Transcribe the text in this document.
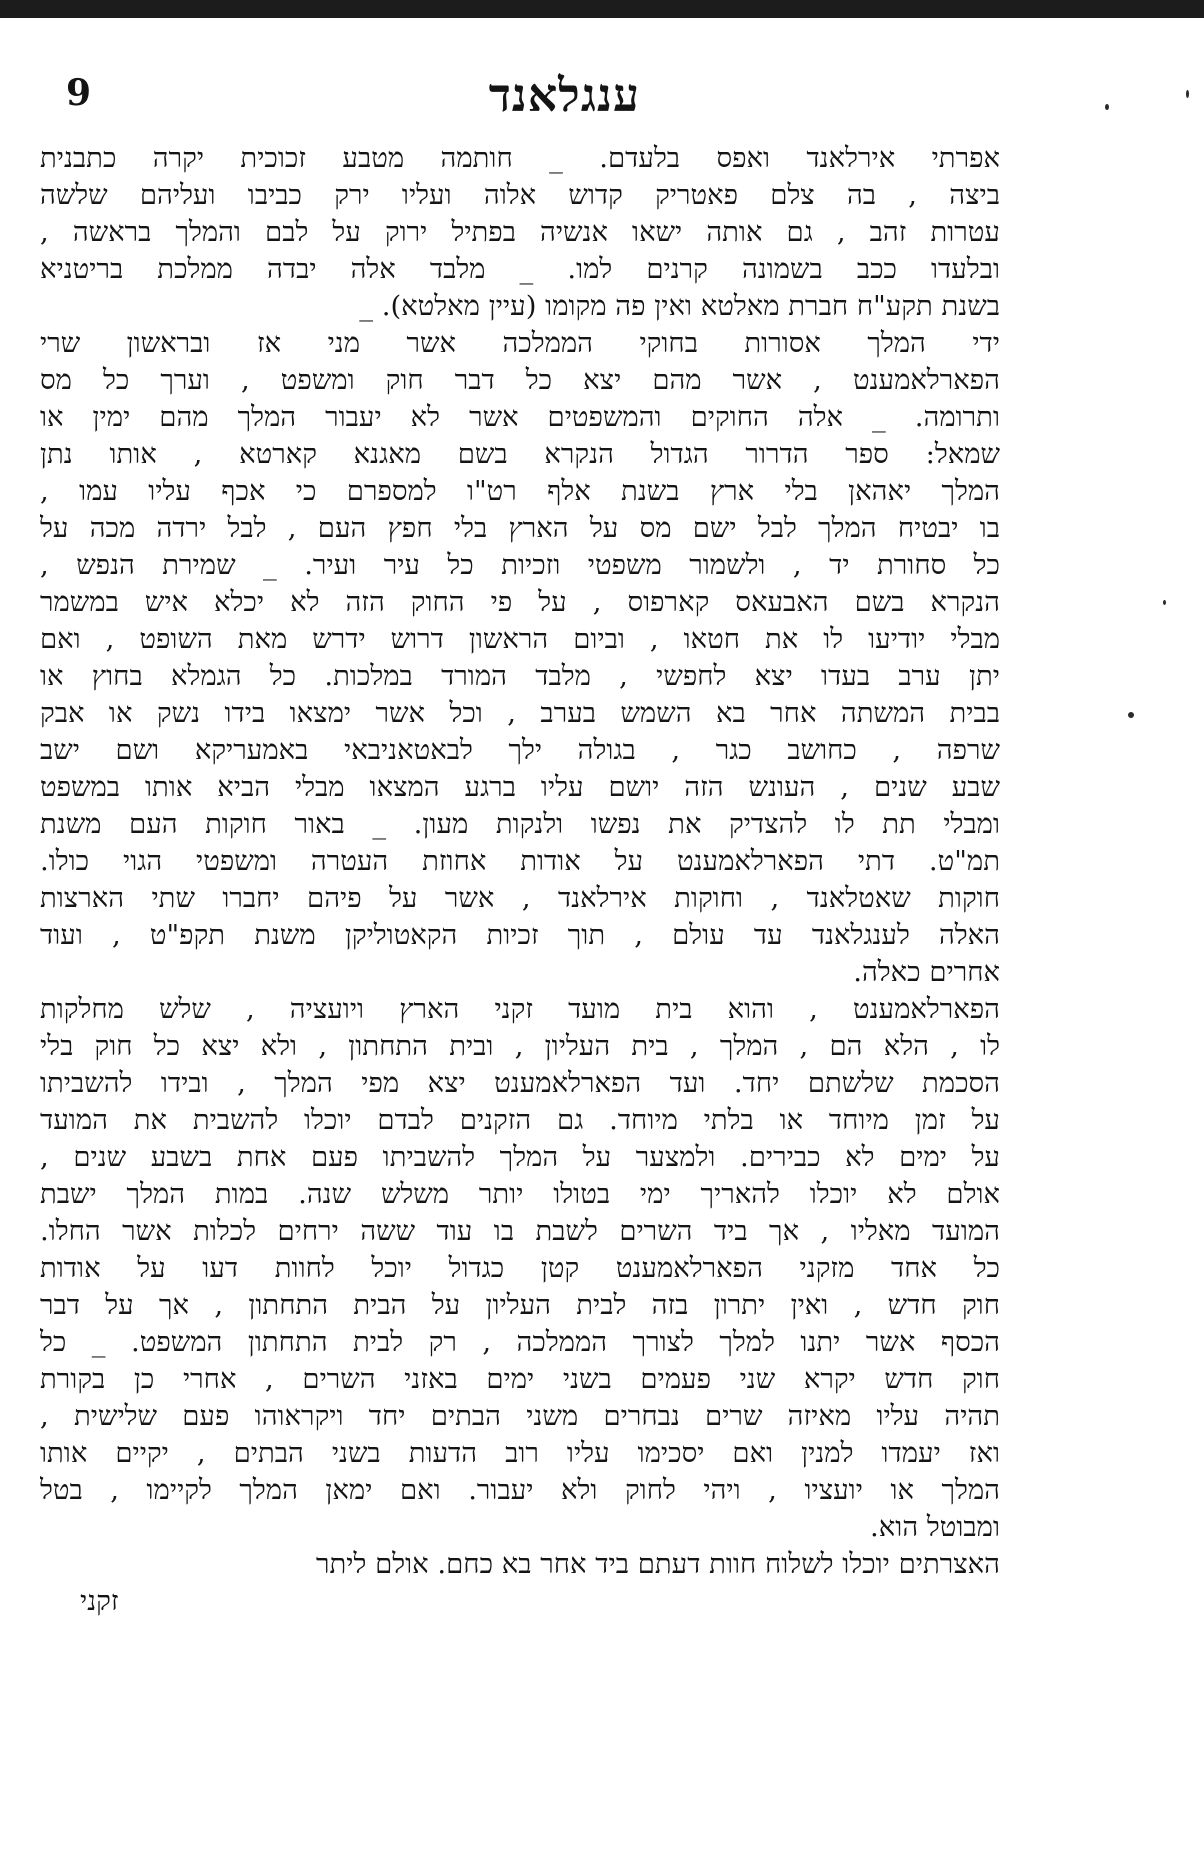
ענגלאנד
9
אפרתי אירלאנד ואפס בלעדם. _ חותמה מטבע זכוכית יקרה כתבנית
ביצה , בה צלם פאטריק קדוש אלוה ועליו ירק כביבו ועליהם שלשה
עטרות זהב , גם אותה ישאו אנשיה בפתיל ירוק על לבם והמלך בראשה ,
ובלעדו ככב בשמונה קרנים למו. _ מלבד אלה יבדה ממלכת בריטניא
בשנת תקע"ח חברת מאלטא ואין פה מקומו (עיין מאלטא). _
ידי המלך אסורות בחוקי הממלכה אשר מני אז ובראשון שרי
הפארלאמענט , אשר מהם יצא כל דבר חוק ומשפט , וערך כל מס
ותרומה. _ אלה החוקים והמשפטים אשר לא יעבור המלך מהם ימין או
שמאל: ספר הדרור הגדול הנקרא בשם מאגנא קארטא , אותו נתן
המלך יאהאן בלי ארץ בשנת אלף רט"ו למספרם כי אכף עליו עמו ,
בו יבטיח המלך לבל ישם מס על הארץ בלי חפץ העם , לבל ירדה מכה על
כל סחורת יד , ולשמור משפטי וזכיות כל עיר ועיר. _ שמירת הנפש ,
הנקרא בשם האבעאס קארפוס , על פי החוק הזה לא יכלא איש במשמר
מבלי יודיעו לו את חטאו , וביום הראשון דרוש ידרש מאת השופט , ואם
יתן ערב בעדו יצא לחפשי , מלבד המורד במלכות. כל הגמלא בחוץ או
בבית המשתה אחר בא השמש בערב , וכל אשר ימצאו בידו נשק או אבק
שרפה , כחושב כגר , בגולה ילך לבאטאניבאי באמעריקא ושם ישב
שבע שנים , העונש הזה יושם עליו ברגע המצאו מבלי הביא אותו במשפט
ומבלי תת לו להצדיק את נפשו ולנקות מעון. _ באור חוקות העם משנת
תמ"ט. דתי הפארלאמענט על אודות אחוזת העטרה ומשפטי הגוי כולו.
חוקות שאטלאנד , וחוקות אירלאנד , אשר על פיהם יחברו שתי הארצות
האלה לענגלאנד עד עולם , תוך זכיות הקאטוליקן משנת תקפ"ט , ועוד
אחרים כאלה.
הפארלאמענט , והוא בית מועד זקני הארץ ויועציה , שלש מחלקות
לו , הלא הם , המלך , בית העליון , ובית התחתון , ולא יצא כל חוק בלי
הסכמת שלשתם יחד. ועד הפארלאמענט יצא מפי המלך , ובידו להשביתו
על זמן מיוחד או בלתי מיוחד. גם הזקנים לבדם יוכלו להשבית את המועד
על ימים לא כבירים. ולמצער על המלך להשביתו פעם אחת בשבע שנים ,
אולם לא יוכלו להאריך ימי בטולו יותר משלש שנה. במות המלך ישבת
המועד מאליו , אך ביד השרים לשבת בו עוד ששה ירחים לכלות אשר החלו.
כל אחד מזקני הפארלאמענט קטן כגדול יוכל לחוות דעו על אודות
חוק חדש , ואין יתרון בזה לבית העליון על הבית התחתון , אך על דבר
הכסף אשר יתנו למלך לצורך הממלכה , רק לבית התחתון המשפט. _ כל
חוק חדש יקרא שני פעמים בשני ימים באזני השרים , אחרי כן בקורת
תהיה עליו מאיזה שרים נבחרים משני הבתים יחד ויקראוהו פעם שלישית ,
ואז יעמדו למנין ואם יסכימו עליו רוב הדעות בשני הבתים , יקיים אותו
המלך או יועציו , ויהי לחוק ולא יעבור. ואם ימאן המלך לקיימו , בטל
ומבוטל הוא.
האצרתים יוכלו לשלוח חוות דעתם ביד אחר בא כחם. אולם ליתר
זקני
